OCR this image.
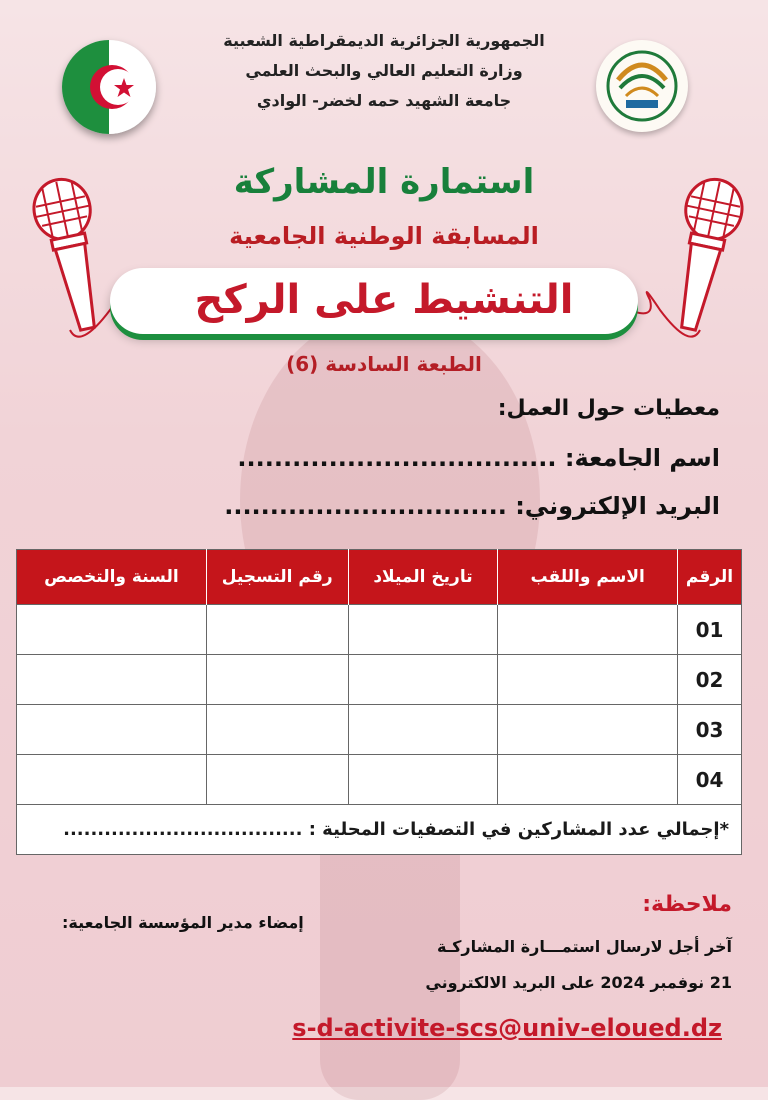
الجمهورية الجزائرية الديمقراطية الشعبية
وزارة التعليم العالي والبحث العلمي
جامعة الشهيد حمه لخضر- الوادي
استمارة المشاركة
المسابقة الوطنية الجامعية
التنشيط على الركح
الطبعة السادسة (6)
معطيات حول العمل:
اسم الجامعة: ...................................
البريد الإلكتروني: ...............................
الرقم	الاسم واللقب	تاريخ الميلاد	رقم التسجيل	السنة والتخصص
01				
02				
03				
04				
*إجمالي عدد المشاركين في التصفيات المحلية : ...................................				
ملاحظة:
آخر أجل لارسال استمـــارة المشاركـة
21 نوفمبر 2024 على البريد الالكتروني
إمضاء مدير المؤسسة الجامعية:
s-d-activite-scs@univ-eloued.dz
